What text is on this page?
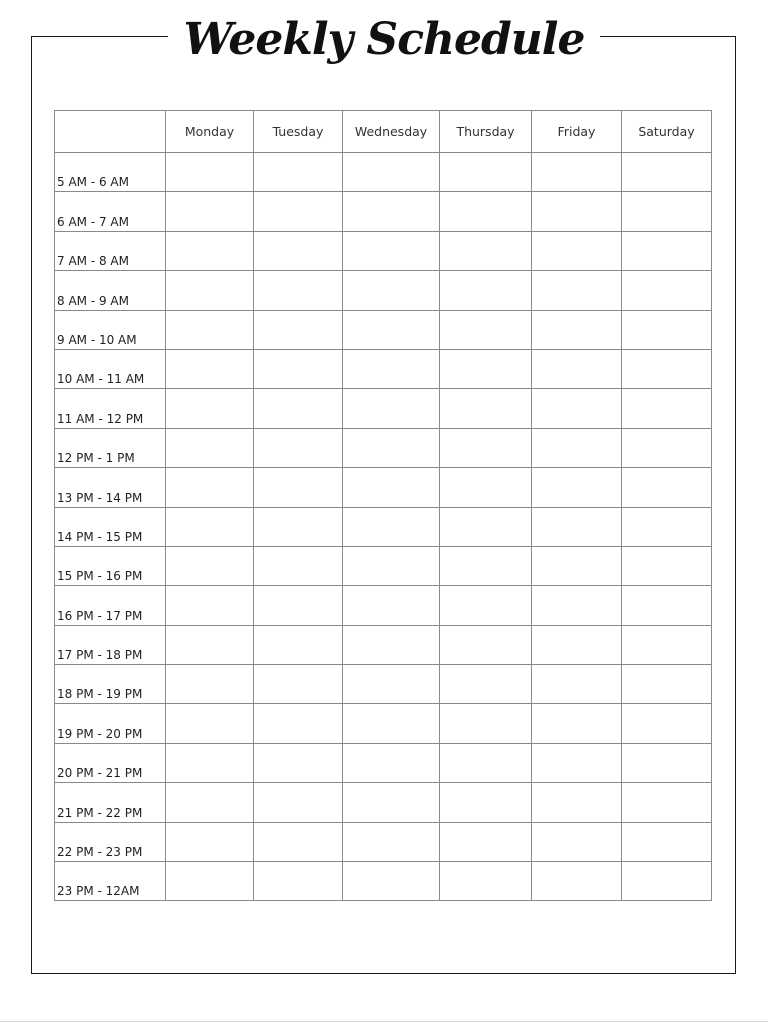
Weekly Schedule
	Monday	Tuesday	Wednesday	Thursday	Friday	Saturday
5 AM - 6 AM						
6 AM - 7 AM						
7 AM - 8 AM						
8 AM - 9 AM						
9 AM - 10 AM						
10 AM - 11 AM						
11 AM - 12 PM						
12 PM - 1 PM						
13 PM - 14 PM						
14 PM - 15 PM						
15 PM - 16 PM						
16 PM - 17 PM						
17 PM - 18 PM						
18 PM - 19 PM						
19 PM - 20 PM						
20 PM - 21 PM						
21 PM - 22 PM						
22 PM - 23 PM						
23 PM - 12AM						
